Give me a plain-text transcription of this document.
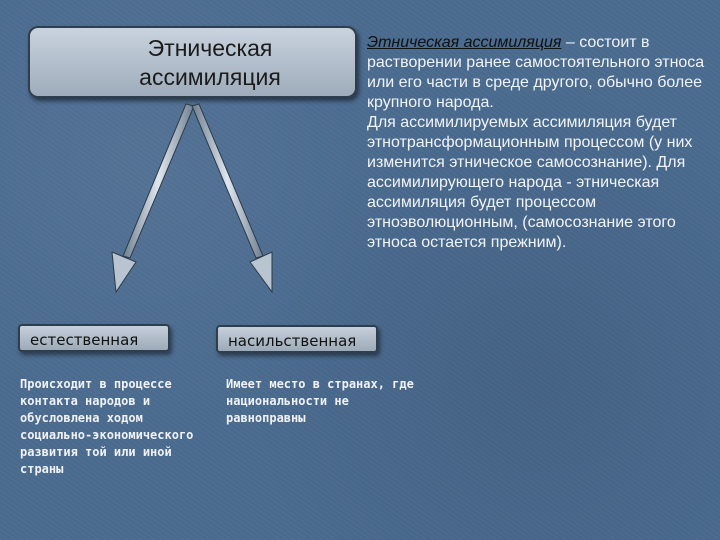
Этническая
ассимиляция
Этническая ассимиляция – состоит в растворении ранее самостоятельного этноса или его части в среде другого, обычно более крупного народа.
Для ассимилируемых ассимиляция будет этнотрансформационным процессом (у них изменится этническое самосознание). Для ассимилирующего народа - этническая ассимиляция будет процессом этноэволюционным, (самосознание этого этноса остается прежним).
естественная	насильственная
Происходит в процессе контакта народов и обусловлена ходом социально-экономического развития той или иной страны
Имеет место в странах, где национальности не равноправны
